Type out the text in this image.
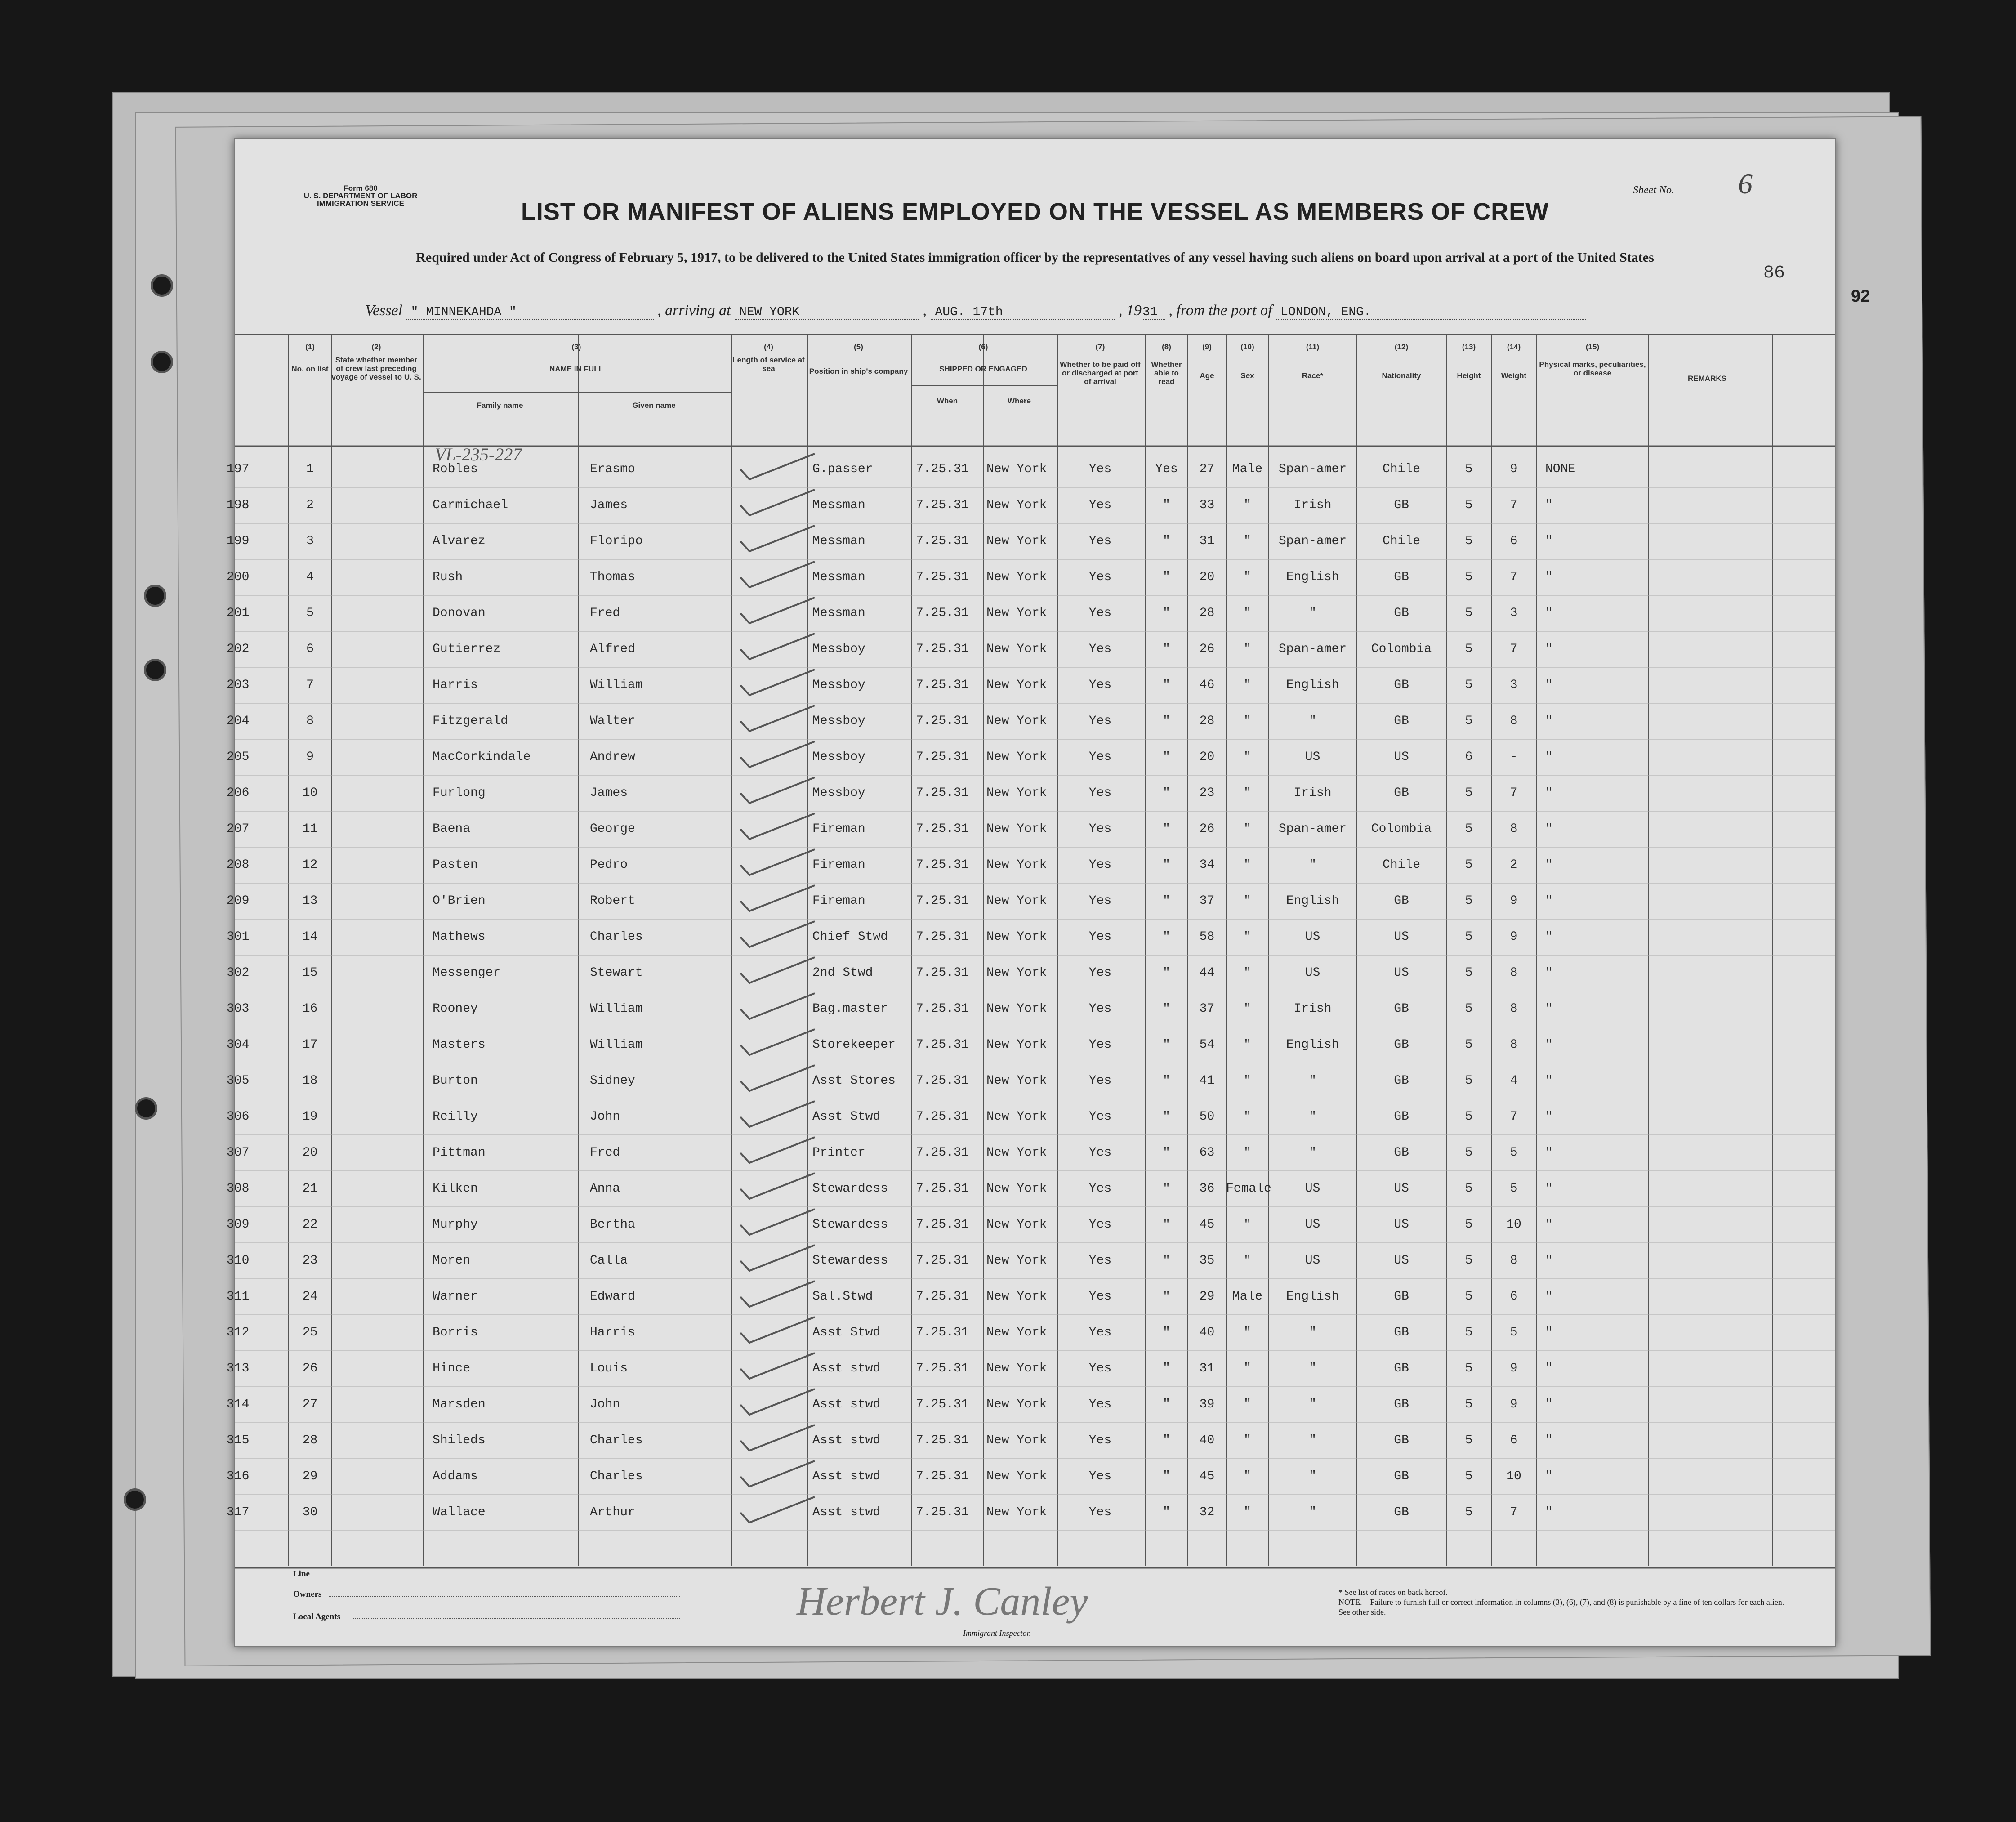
Form 680
U. S. DEPARTMENT OF LABOR
IMMIGRATION SERVICE
Sheet No.	6
LIST OR MANIFEST OF ALIENS EMPLOYED ON THE VESSEL AS MEMBERS OF CREW
Required under Act of Congress of February 5, 1917, to be delivered to the United States immigration officer by the representatives of any vessel having such aliens on board upon arrival at a port of the United States
86
92
Vessel " MINNEKAHDA "	, arriving at NEW YORK	, AUG. 17th	, 1931 , from the port of LONDON, ENG.
(1)
No. on list
(2)
State whether member of crew last preceding voyage of vessel to U. S.
(3)
NAME IN FULL
Family name	Given name
(4)
Length of service at sea
(5)
Position in ship's company
(6)
SHIPPED OR ENGAGED
When	Where
(7)
Whether to be paid off or discharged at port of arrival
(8)
Whether able to read
(9)
Age
(10)
Sex
(11)
Race*
(12)
Nationality
(13)
Height
(14)
Weight
(15)
Physical marks, peculiarities, or disease
REMARKS
VL-235-227
197	1	Robles	Erasmo	G.passer	7.25.31	New York	Yes	Yes	27	Male	Span-amer	Chile	5	9	NONE
198	2	Carmichael	James	Messman	7.25.31	New York	Yes	"	33	"	Irish	GB	5	7	"
199	3	Alvarez	Floripo	Messman	7.25.31	New York	Yes	"	31	"	Span-amer	Chile	5	6	"
200	4	Rush	Thomas	Messman	7.25.31	New York	Yes	"	20	"	English	GB	5	7	"
201	5	Donovan	Fred	Messman	7.25.31	New York	Yes	"	28	"	"	GB	5	3	"
202	6	Gutierrez	Alfred	Messboy	7.25.31	New York	Yes	"	26	"	Span-amer	Colombia	5	7	"
203	7	Harris	William	Messboy	7.25.31	New York	Yes	"	46	"	English	GB	5	3	"
204	8	Fitzgerald	Walter	Messboy	7.25.31	New York	Yes	"	28	"	"	GB	5	8	"
205	9	MacCorkindale	Andrew	Messboy	7.25.31	New York	Yes	"	20	"	US	US	6	-	"
206	10	Furlong	James	Messboy	7.25.31	New York	Yes	"	23	"	Irish	GB	5	7	"
207	11	Baena	George	Fireman	7.25.31	New York	Yes	"	26	"	Span-amer	Colombia	5	8	"
208	12	Pasten	Pedro	Fireman	7.25.31	New York	Yes	"	34	"	"	Chile	5	2	"
209	13	O'Brien	Robert	Fireman	7.25.31	New York	Yes	"	37	"	English	GB	5	9	"
301	14	Mathews	Charles	Chief Stwd	7.25.31	New York	Yes	"	58	"	US	US	5	9	"
302	15	Messenger	Stewart	2nd Stwd	7.25.31	New York	Yes	"	44	"	US	US	5	8	"
303	16	Rooney	William	Bag.master	7.25.31	New York	Yes	"	37	"	Irish	GB	5	8	"
304	17	Masters	William	Storekeeper	7.25.31	New York	Yes	"	54	"	English	GB	5	8	"
305	18	Burton	Sidney	Asst Stores	7.25.31	New York	Yes	"	41	"	"	GB	5	4	"
306	19	Reilly	John	Asst Stwd	7.25.31	New York	Yes	"	50	"	"	GB	5	7	"
307	20	Pittman	Fred	Printer	7.25.31	New York	Yes	"	63	"	"	GB	5	5	"
308	21	Kilken	Anna	Stewardess	7.25.31	New York	Yes	"	36 Female	US	US	5	5	"
309	22	Murphy	Bertha	Stewardess	7.25.31	New York	Yes	"	45	"	US	US	5	10	"
310	23	Moren	Calla	Stewardess	7.25.31	New York	Yes	"	35	"	US	US	5	8	"
311	24	Warner	Edward	Sal.Stwd	7.25.31	New York	Yes	"	29	Male	English	GB	5	6	"
312	25	Borris	Harris	Asst Stwd	7.25.31	New York	Yes	"	40	"	"	GB	5	5	"
313	26	Hince	Louis	Asst stwd	7.25.31	New York	Yes	"	31	"	"	GB	5	9	"
314	27	Marsden	John	Asst stwd	7.25.31	New York	Yes	"	39	"	"	GB	5	9	"
315	28	Shileds	Charles	Asst stwd	7.25.31	New York	Yes	"	40	"	"	GB	5	6	"
316	29	Addams	Charles	Asst stwd	7.25.31	New York	Yes	"	45	"	"	GB	5	10	"
317	30	Wallace	Arthur	Asst stwd	7.25.31	New York	Yes	"	32	"	"	GB	5	7	"
Line
Owners
Local Agents	Herbert J. Canley
Immigrant Inspector.
* See list of races on back hereof.
NOTE.—Failure to furnish full or correct information in columns (3), (6), (7), and (8) is punishable by a fine of ten dollars for each alien. See other side.
